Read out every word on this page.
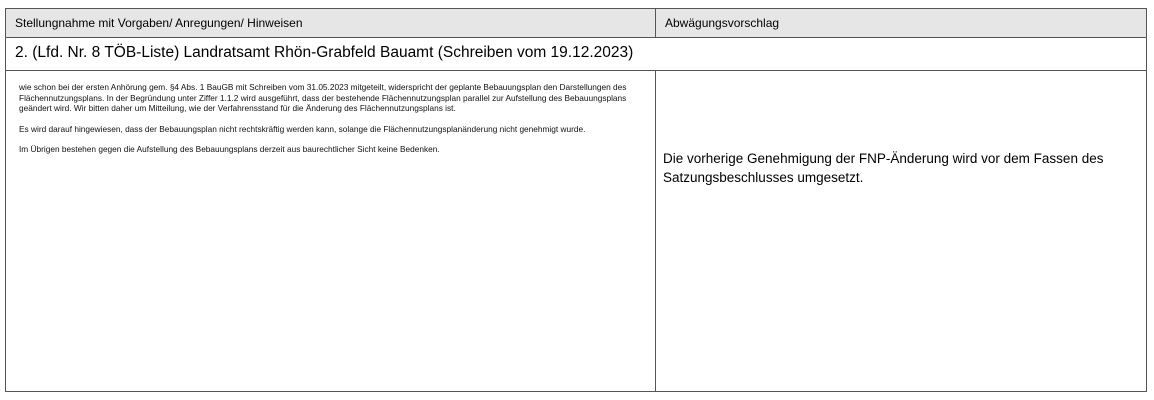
Stellungnahme mit Vorgaben/ Anregungen/ Hinweisen	Abwägungsvorschlag
2. (Lfd. Nr. 8 TÖB-Liste) Landratsamt Rhön-Grabfeld Bauamt (Schreiben vom 19.12.2023)

wie schon bei der ersten Anhörung gem. §4 Abs. 1 BauGB mit Schreiben vom 31.05.2023 mitgeteilt, widerspricht der geplante Bebauungsplan den Darstellungen des Flächennutzungsplans. In der Begründung unter Ziffer 1.1.2 wird ausgeführt, dass der bestehende Flächennutzungsplan parallel zur Aufstellung des Bebauungsplans geändert wird. Wir bitten daher um Mitteilung, wie der Verfahrensstand für die Änderung des Flächennutzungsplans ist.

Es wird darauf hingewiesen, dass der Bebauungsplan nicht rechtskräftig werden kann, solange die Flächennutzungsplanänderung nicht genehmigt wurde.

Im Übrigen bestehen gegen die Aufstellung des Bebauungsplans derzeit aus baurechtlicher Sicht keine Bedenken.

Die vorherige Genehmigung der FNP-Änderung wird vor dem Fassen des Satzungsbeschlusses umgesetzt.
